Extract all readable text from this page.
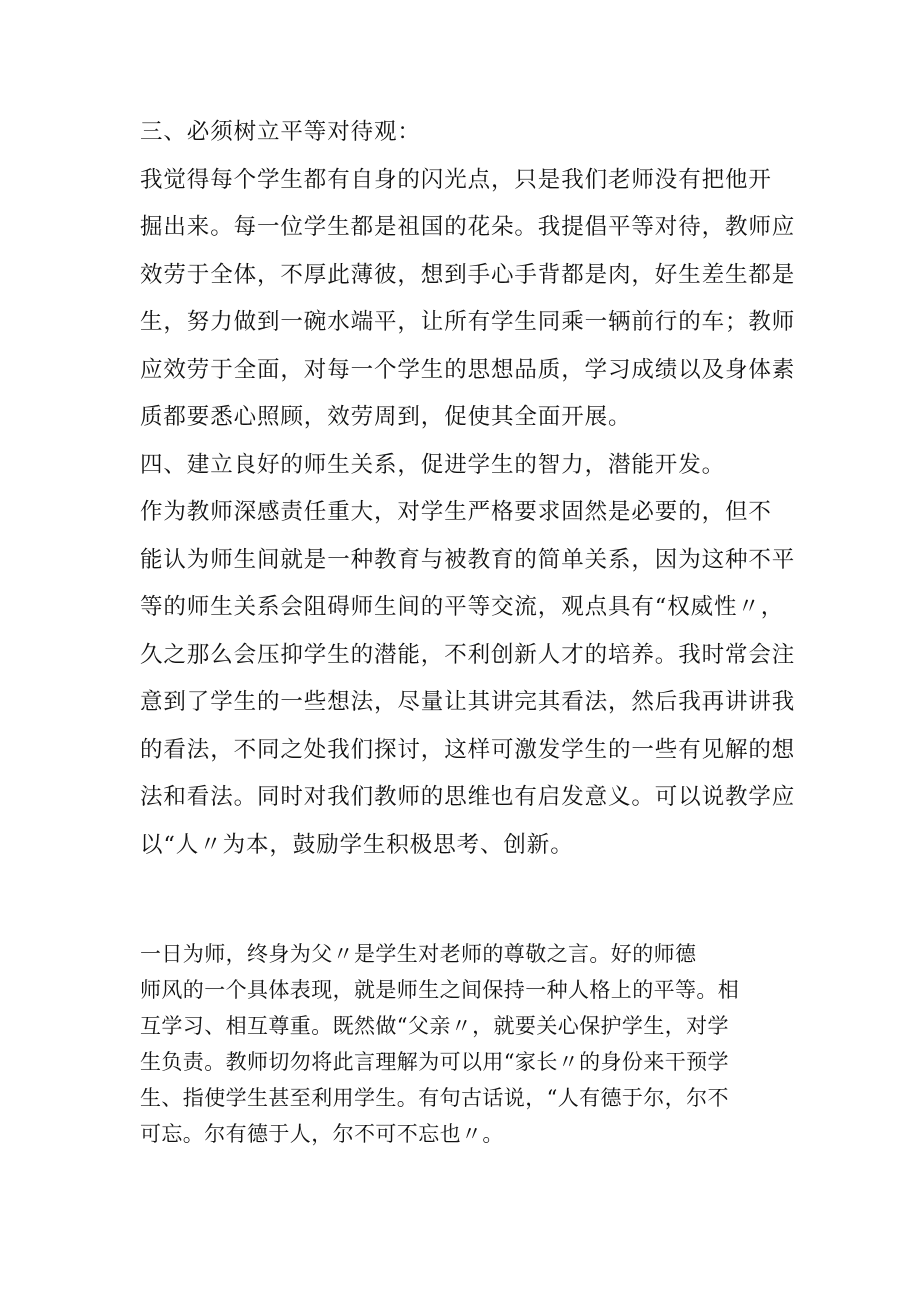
三、必须树立平等对待观：
我觉得每个学生都有自身的闪光点，只是我们老师没有把他开
掘出来。每一位学生都是祖国的花朵。我提倡平等对待，教师应
效劳于全体，不厚此薄彼，想到手心手背都是肉，好生差生都是
生，努力做到一碗水端平，让所有学生同乘一辆前行的车；教师
应效劳于全面，对每一个学生的思想品质，学习成绩以及身体素
质都要悉心照顾，效劳周到，促使其全面开展。
四、建立良好的师生关系，促进学生的智力，潜能开发。
作为教师深感责任重大，对学生严格要求固然是必要的，但不
能认为师生间就是一种教育与被教育的简单关系，因为这种不平
等的师生关系会阻碍师生间的平等交流，观点具有“权威性〃，
久之那么会压抑学生的潜能，不利创新人才的培养。我时常会注
意到了学生的一些想法，尽量让其讲完其看法，然后我再讲讲我
的看法，不同之处我们探讨，这样可激发学生的一些有见解的想
法和看法。同时对我们教师的思维也有启发意义。可以说教学应
以“人〃为本，鼓励学生积极思考、创新。
一日为师，终身为父〃是学生对老师的尊敬之言。好的师德
师风的一个具体表现，就是师生之间保持一种人格上的平等。相
互学习、相互尊重。既然做“父亲〃，就要关心保护学生，对学
生负责。教师切勿将此言理解为可以用“家长〃的身份来干预学
生、指使学生甚至利用学生。有句古话说，“人有德于尔，尔不
可忘。尔有德于人，尔不可不忘也〃。
